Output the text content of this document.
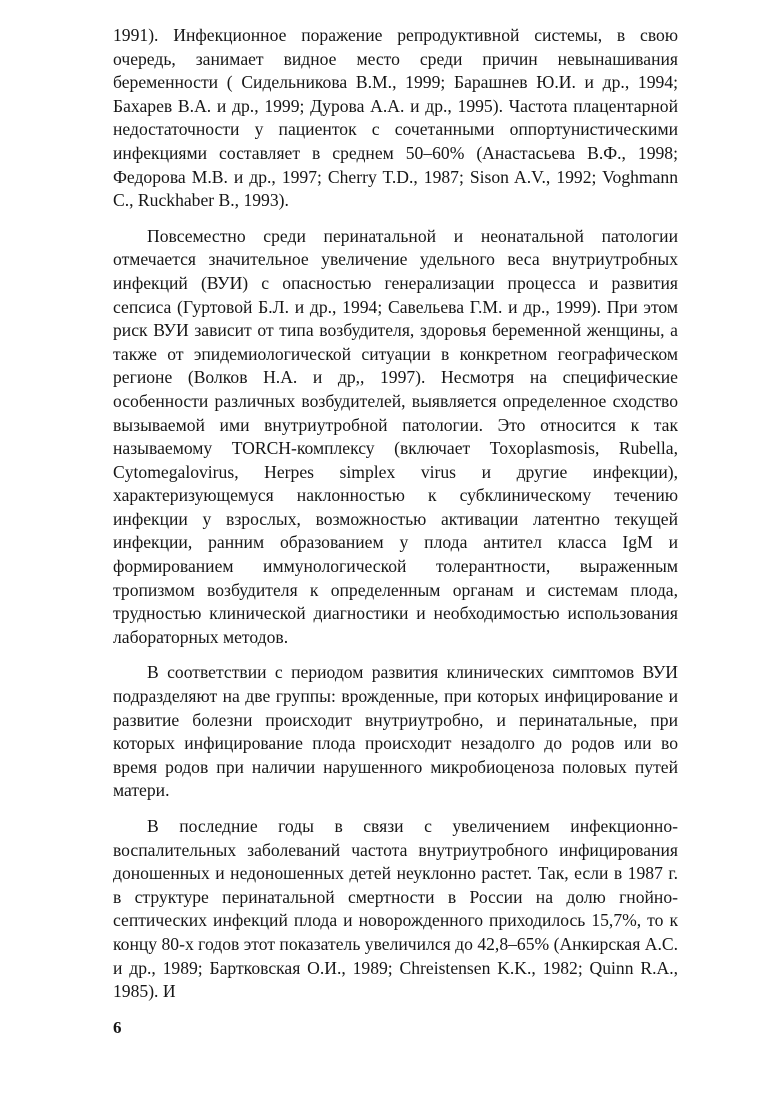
1991). Инфекционное поражение репродуктивной системы, в свою очередь, занимает видное место среди причин невынашивания беременности ( Сидельникова В.М., 1999; Барашнев Ю.И. и др., 1994; Бахарев В.А. и др., 1999; Дурова А.А. и др., 1995). Частота плацентарной недостаточности у пациенток с сочетанными оппортунистическими инфекциями составляет в среднем 50–60% (Анастасьева В.Ф., 1998; Федорова М.В. и др., 1997; Cherry T.D., 1987; Sison A.V., 1992; Voghmann C., Ruckhaber B., 1993).

Повсеместно среди перинатальной и неонатальной патологии отмечается значительное увеличение удельного веса внутриутробных инфекций (ВУИ) с опасностью генерализации процесса и развития сепсиса (Гуртовой Б.Л. и др., 1994; Савельева Г.М. и др., 1999). При этом риск ВУИ зависит от типа возбудителя, здоровья беременной женщины, а также от эпидемиологической ситуации в конкретном географическом регионе (Волков Н.А. и др,, 1997). Несмотря на специфические особенности различных возбудителей, выявляется определенное сходство вызываемой ими внутриутробной патологии. Это относится к так называемому TORCH-комплексу (включает Toxoplasmosis, Rubella, Cytomegalovirus, Herpes simplex virus и другие инфекции), характеризующемуся наклонностью к субклиническому течению инфекции у взрослых, возможностью активации латентно текущей инфекции, ранним образованием у плода антител класса IgM и формированием иммунологической толерантности, выраженным тропизмом возбудителя к определенным органам и системам плода, трудностью клинической диагностики и необходимостью использования лабораторных методов.

В соответствии с периодом развития клинических симптомов ВУИ подразделяют на две группы: врожденные, при которых инфицирование и развитие болезни происходит внутриутробно, и перинатальные, при которых инфицирование плода происходит незадолго до родов или во время родов при наличии нарушенного микробиоценоза половых путей матери.

В последние годы в связи с увеличением инфекционно-воспалительных заболеваний частота внутриутробного инфицирования доношенных и недоношенных детей неуклонно растет. Так, если в 1987 г. в структуре перинатальной смертности в России на долю гнойно-септических инфекций плода и новорожденного приходилось 15,7%, то к концу 80-х годов этот показатель увеличился до 42,8–65% (Анкирская А.С. и др., 1989; Бартковская О.И., 1989; Chreistensen K.K., 1982; Quinn R.A., 1985). И

6
